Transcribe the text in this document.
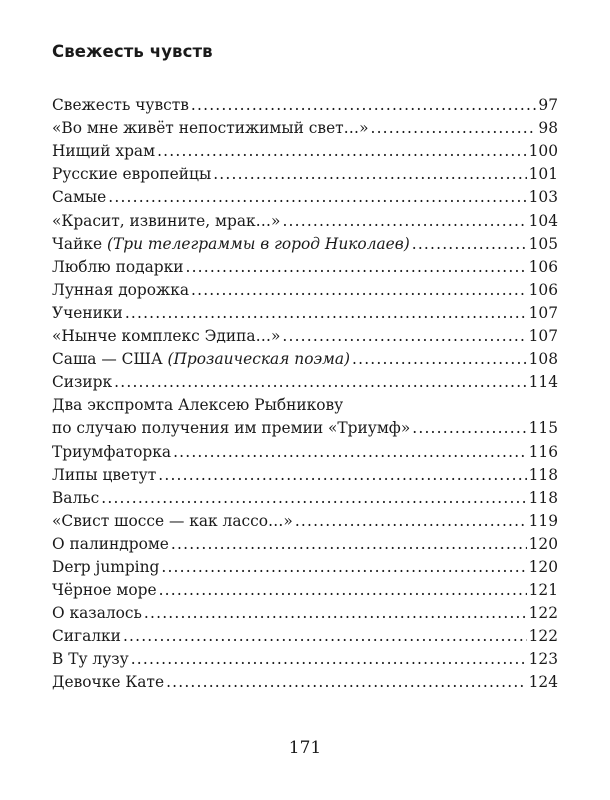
Свежесть чувств
Свежесть чувств .....	97
«Во мне живёт непостижимый свет…» .....	98
Нищий храм .....	100
Русские европейцы .....	101
Самые .....	103
«Красит, извините, мрак…» .....	104
Чайке (Три телеграммы в город Николаев) .....	105
Люблю подарки .....	106
Лунная дорожка .....	106
Ученики .....	107
«Нынче комплекс Эдипа…» .....	107
Саша — США (Прозаическая поэма) .....	108
Сизирк .....	114
Два экспромта Алексею Рыбникову
по случаю получения им премии «Триумф» .....	115
Триумфаторка .....	116
Липы цветут .....	118
Вальс .....	118
«Свист шоссе — как лассо…» .....	119
О палиндроме .....	120
Derp jumping .....	120
Чёрное море .....	121
О казалось .....	122
Сигалки .....	122
В Ту лузу .....	123
Девочке Кате .....	124
171
